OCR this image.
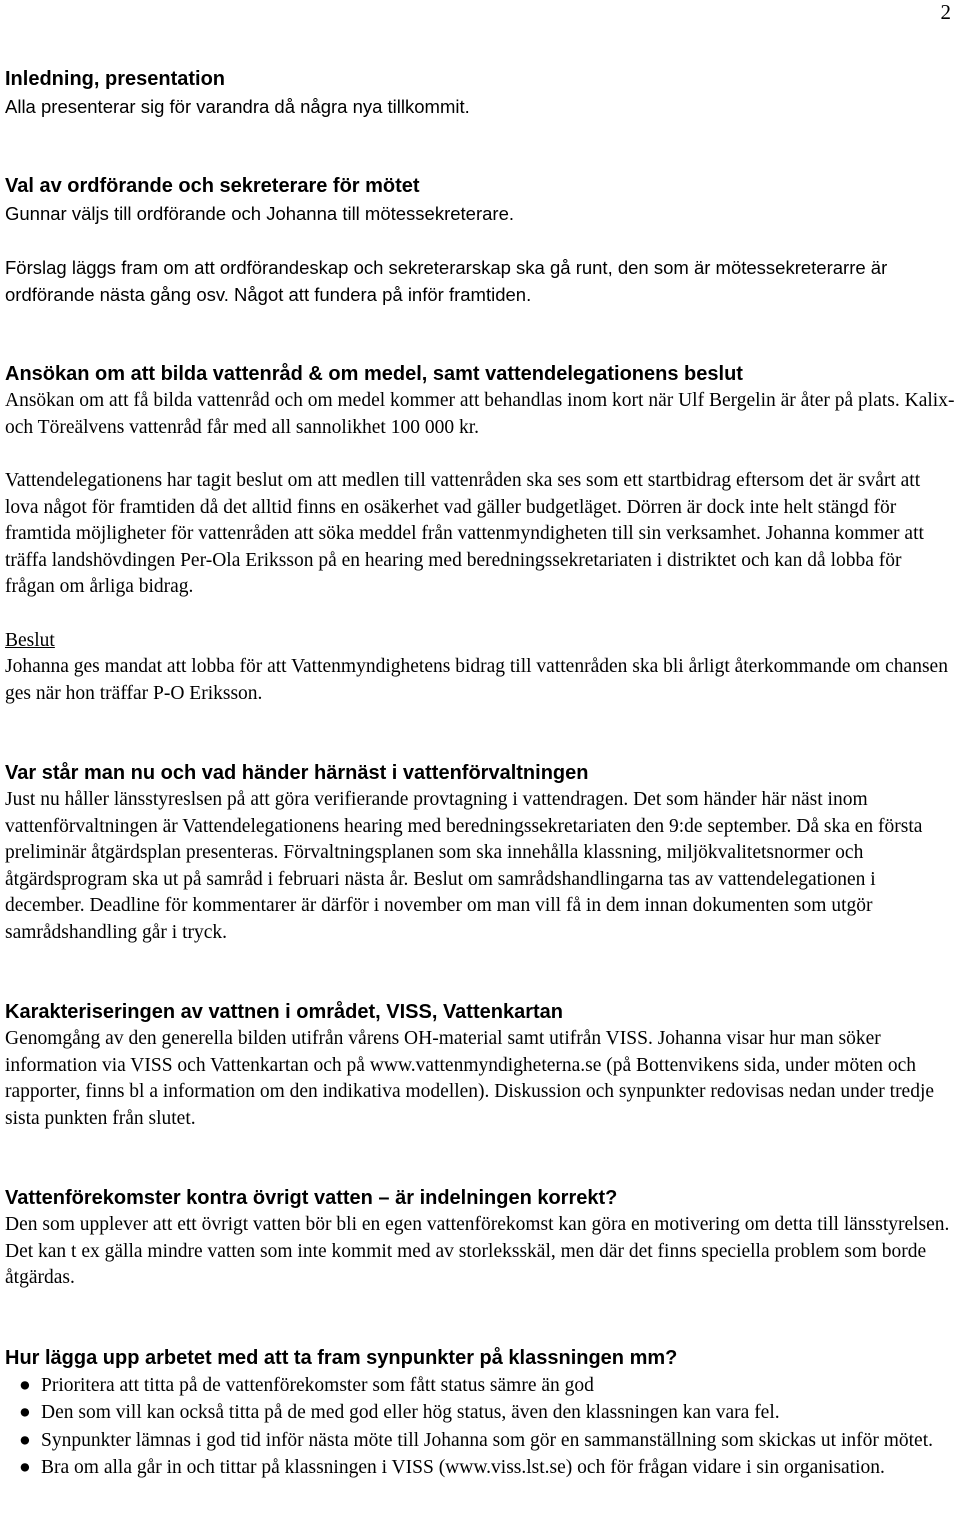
2
Inledning, presentation

Alla presenterar sig för varandra då några nya tillkommit.

Val av ordförande och sekreterare för mötet

Gunnar väljs till ordförande och Johanna till mötessekreterare.

Förslag läggs fram om att ordförandeskap och sekreterarskap ska gå runt, den som är mötessekreterarre är ordförande nästa gång osv. Något att fundera på inför framtiden.

Ansökan om att bilda vattenråd & om medel, samt vattendelegationens beslut

Ansökan om att få bilda vattenråd och om medel kommer att behandlas inom kort när Ulf Bergelin är åter på plats. Kalix- och Töreälvens vattenråd får med all sannolikhet 100 000 kr.

Vattendelegationens har tagit beslut om att medlen till vattenråden ska ses som ett startbidrag eftersom det är svårt att lova något för framtiden då det alltid finns en osäkerhet vad gäller budgetläget. Dörren är dock inte helt stängd för framtida möjligheter för vattenråden att söka meddel från vattenmyndigheten till sin verksamhet. Johanna kommer att träffa landshövdingen Per-Ola Eriksson på en hearing med beredningssekretariaten i distriktet och kan då lobba för frågan om årliga bidrag.

Beslut

Johanna ges mandat att lobba för att Vattenmyndighetens bidrag till vattenråden ska bli årligt återkommande om chansen ges när hon träffar P-O Eriksson.

Var står man nu och vad händer härnäst i vattenförvaltningen

Just nu håller länsstyreslsen på att göra verifierande provtagning i vattendragen. Det som händer här näst inom vattenförvaltningen är Vattendelegationens hearing med beredningssekretariaten den 9:de september. Då ska en första preliminär åtgärdsplan presenteras. Förvaltningsplanen som ska innehålla klassning, miljökvalitetsnormer och åtgärdsprogram ska ut på samråd i februari nästa år. Beslut om samrådshandlingarna tas av vattendelegationen i december. Deadline för kommentarer är därför i november om man vill få in dem innan dokumenten som utgör samrådshandling går i tryck.

Karakteriseringen av vattnen i området, VISS, Vattenkartan

Genomgång av den generella bilden utifrån vårens OH-material samt utifrån VISS. Johanna visar hur man söker information via VISS och Vattenkartan och på www.vattenmyndigheterna.se (på Bottenvikens sida, under möten och rapporter, finns bl a information om den indikativa modellen). Diskussion och synpunkter redovisas nedan under tredje sista punkten från slutet.

Vattenförekomster kontra övrigt vatten – är indelningen korrekt?

Den som upplever att ett övrigt vatten bör bli en egen vattenförekomst kan göra en motivering om detta till länsstyrelsen. Det kan t ex gälla mindre vatten som inte kommit med av storleksskäl, men där det finns speciella problem som borde åtgärdas.

Hur lägga upp arbetet med att ta fram synpunkter på klassningen mm?
● Prioritera att titta på de vattenförekomster som fått status sämre än god
● Den som vill kan också titta på de med god eller hög status, även den klassningen kan vara fel.
● Synpunkter lämnas i god tid inför nästa möte till Johanna som gör en sammanställning som skickas ut inför mötet.
● Bra om alla går in och tittar på klassningen i VISS (www.viss.lst.se) och för frågan vidare i sin organisation.
